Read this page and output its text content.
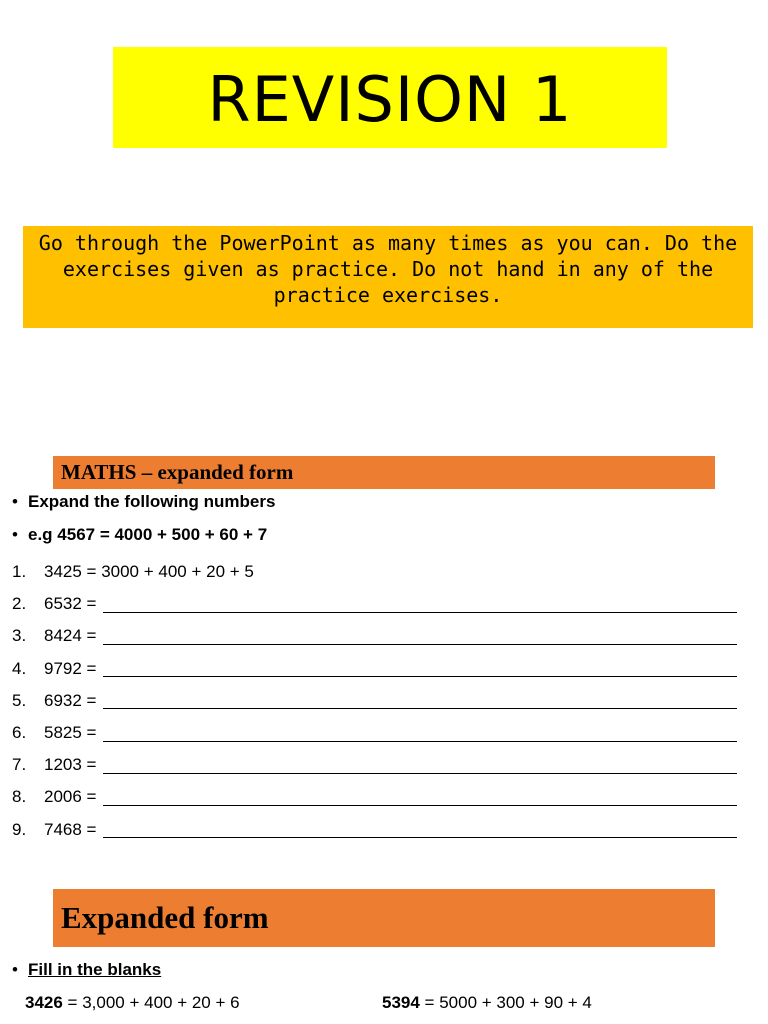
REVISION 1
Go through the PowerPoint as many times as you can. Do the exercises given as practice. Do not hand in any of the practice exercises.
MATHS – expanded form
• Expand the following numbers
• e.g 4567 = 4000 + 500 + 60 + 7
1.	3425 = 3000 + 400 + 20 + 5
2.	6532 =
3.	8424 =
4.	9792 =
5.	6932 =
6.	5825 =
7.	1203 =
8.	2006 =
9.	7468 =
Expanded form
• Fill in the blanks
3426 = 3,000 + 400 + 20 + 6	5394 = 5000 + 300 + 90 + 4
